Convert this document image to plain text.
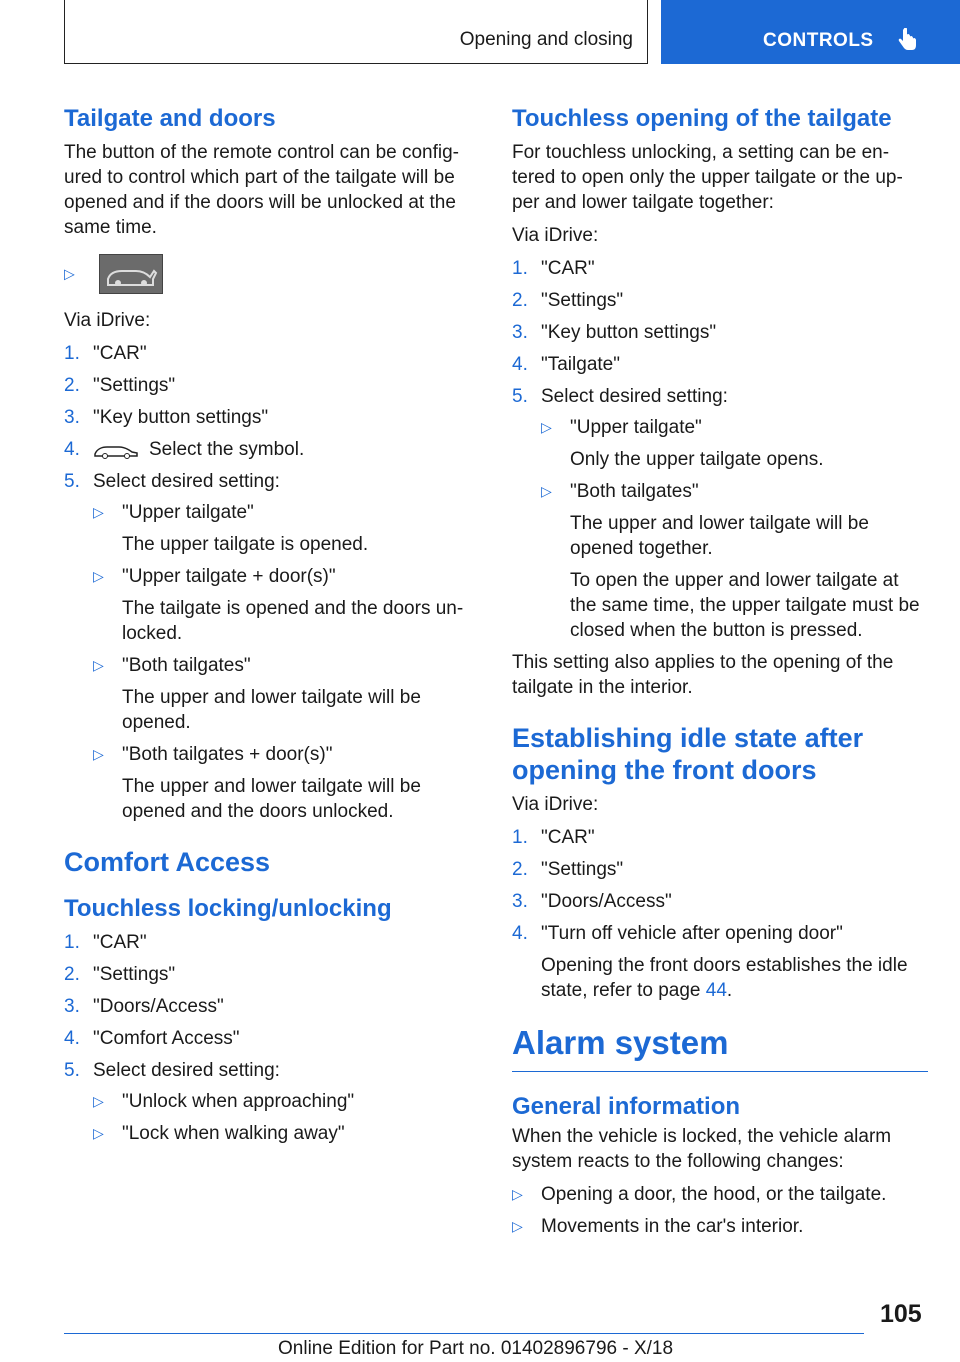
Opening and closing	CONTROLS
Tailgate and doors

The button of the remote control can be config-ured to control which part of the tailgate will be opened and if the doors will be unlocked at the same time.

▷

Via iDrive:

1. "CAR"
2. "Settings"
3. "Key button settings"
4.	Select the symbol.
5. Select desired setting:
▷ "Upper tailgate"
The upper tailgate is opened.
▷ "Upper tailgate + door(s)"
The tailgate is opened and the doors un-locked.
▷ "Both tailgates"
The upper and lower tailgate will be opened.
▷ "Both tailgates + door(s)"
The upper and lower tailgate will be opened and the doors unlocked.
Comfort Access
Touchless locking/unlocking
1. "CAR"
2. "Settings"
3. "Doors/Access"
4. "Comfort Access"
5. Select desired setting:
▷ "Unlock when approaching"
▷ "Lock when walking away"
Touchless opening of the tailgate

For touchless unlocking, a setting can be en-tered to open only the upper tailgate or the up-per and lower tailgate together:

Via iDrive:

1. "CAR"
2. "Settings"
3. "Key button settings"
4. "Tailgate"
5. Select desired setting:
▷ "Upper tailgate"
Only the upper tailgate opens.
▷ "Both tailgates"
The upper and lower tailgate will be opened together.
To open the upper and lower tailgate at the same time, the upper tailgate must be closed when the button is pressed.

This setting also applies to the opening of the tailgate in the interior.

Establishing idle state after opening the front doors

Via iDrive:

1. "CAR"
2. "Settings"
3. "Doors/Access"
4. "Turn off vehicle after opening door"
Opening the front doors establishes the idle state, refer to page 44.
Alarm system
General information

When the vehicle is locked, the vehicle alarm system reacts to the following changes:

▷ Opening a door, the hood, or the tailgate.
▷ Movements in the car's interior.
105
Online Edition for Part no. 01402896796 - X/18
